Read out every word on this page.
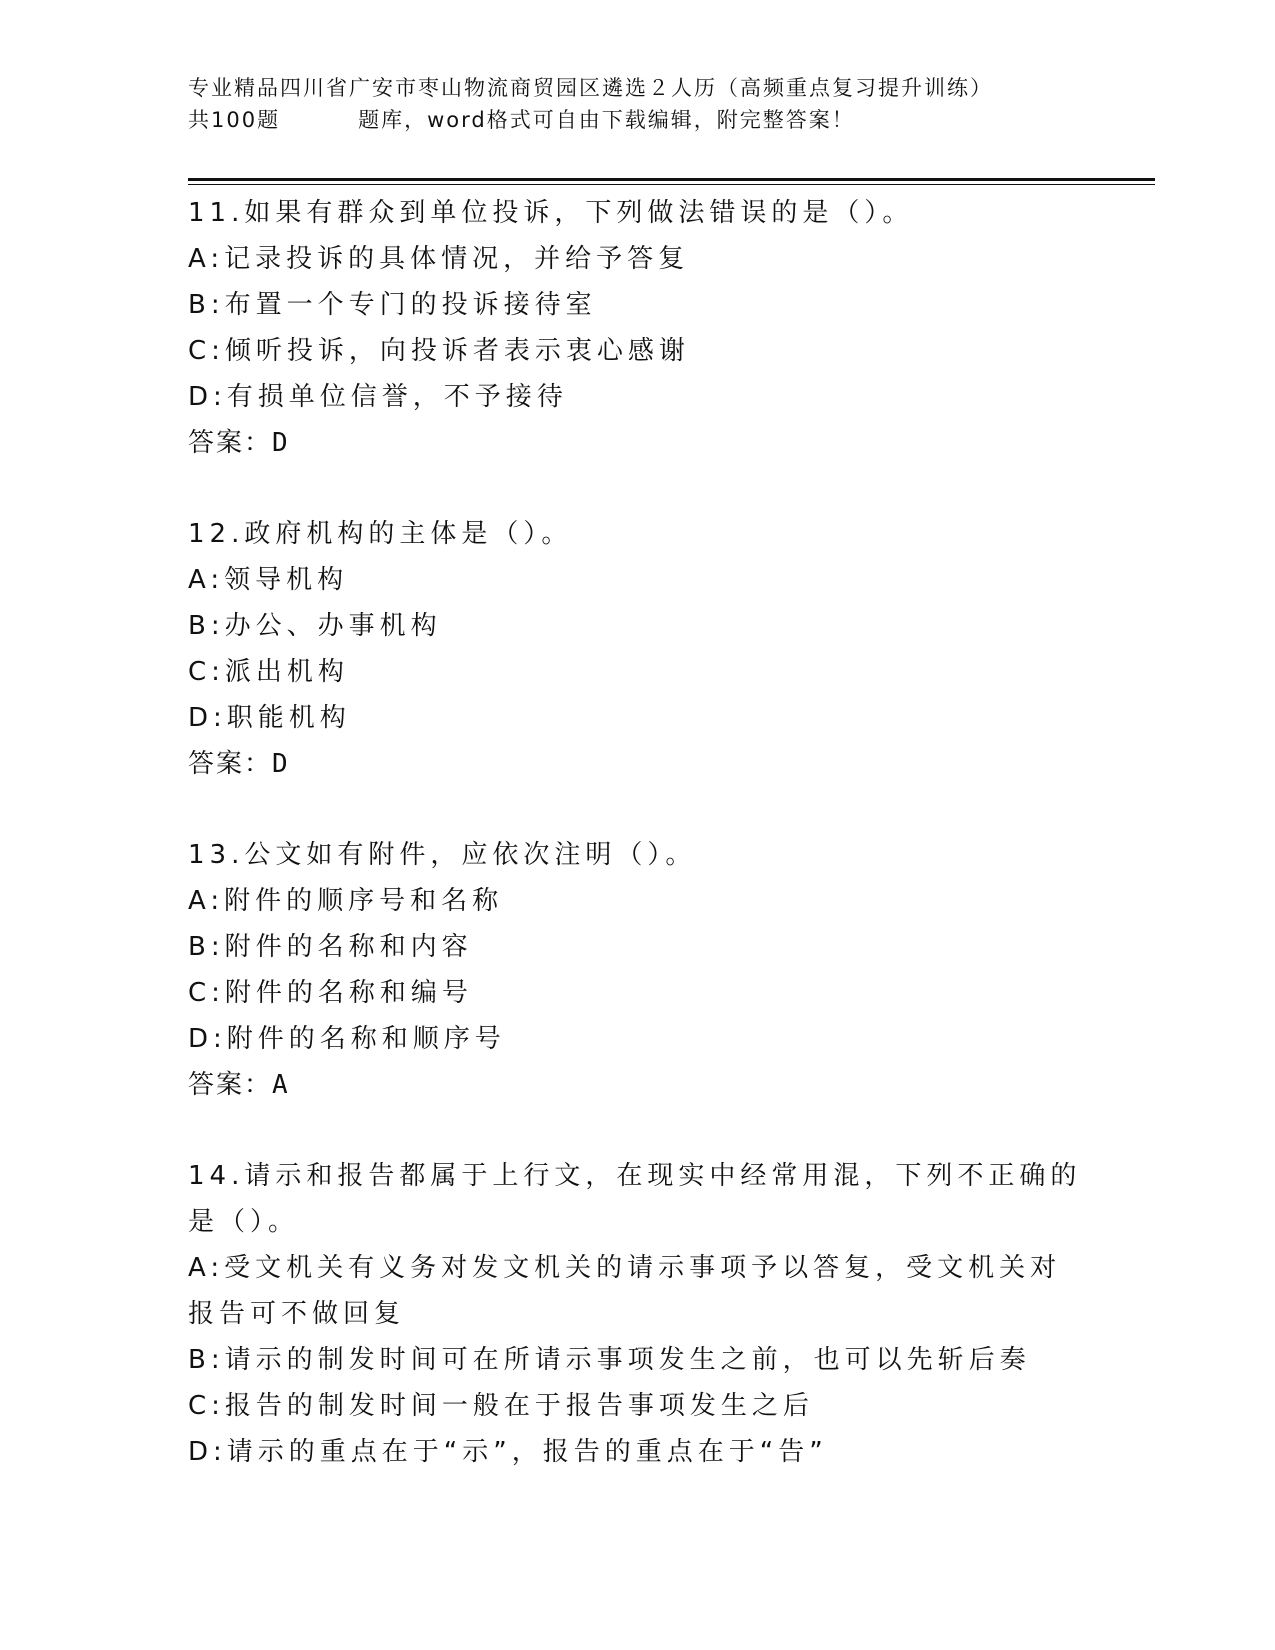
专业精品四川省广安市枣山物流商贸园区遴选２人历（高频重点复习提升训练）
共100题	题库，word格式可自由下载编辑，附完整答案！

11.如果有群众到单位投诉，下列做法错误的是（）。

A:记录投诉的具体情况，并给予答复

B:布置一个专门的投诉接待室

C:倾听投诉，向投诉者表示衷心感谢

D:有损单位信誉，不予接待

答案：D

12.政府机构的主体是（）。

A:领导机构

B:办公、办事机构

C:派出机构

D:职能机构

答案：D

13.公文如有附件，应依次注明（）。

A:附件的顺序号和名称

B:附件的名称和内容

C:附件的名称和编号

D:附件的名称和顺序号

答案：A

14.请示和报告都属于上行文，在现实中经常用混，下列不正确的是（）。

A:受文机关有义务对发文机关的请示事项予以答复，受文机关对报告可不做回复

B:请示的制发时间可在所请示事项发生之前，也可以先斩后奏

C:报告的制发时间一般在于报告事项发生之后

D:请示的重点在于“示”，报告的重点在于“告”
